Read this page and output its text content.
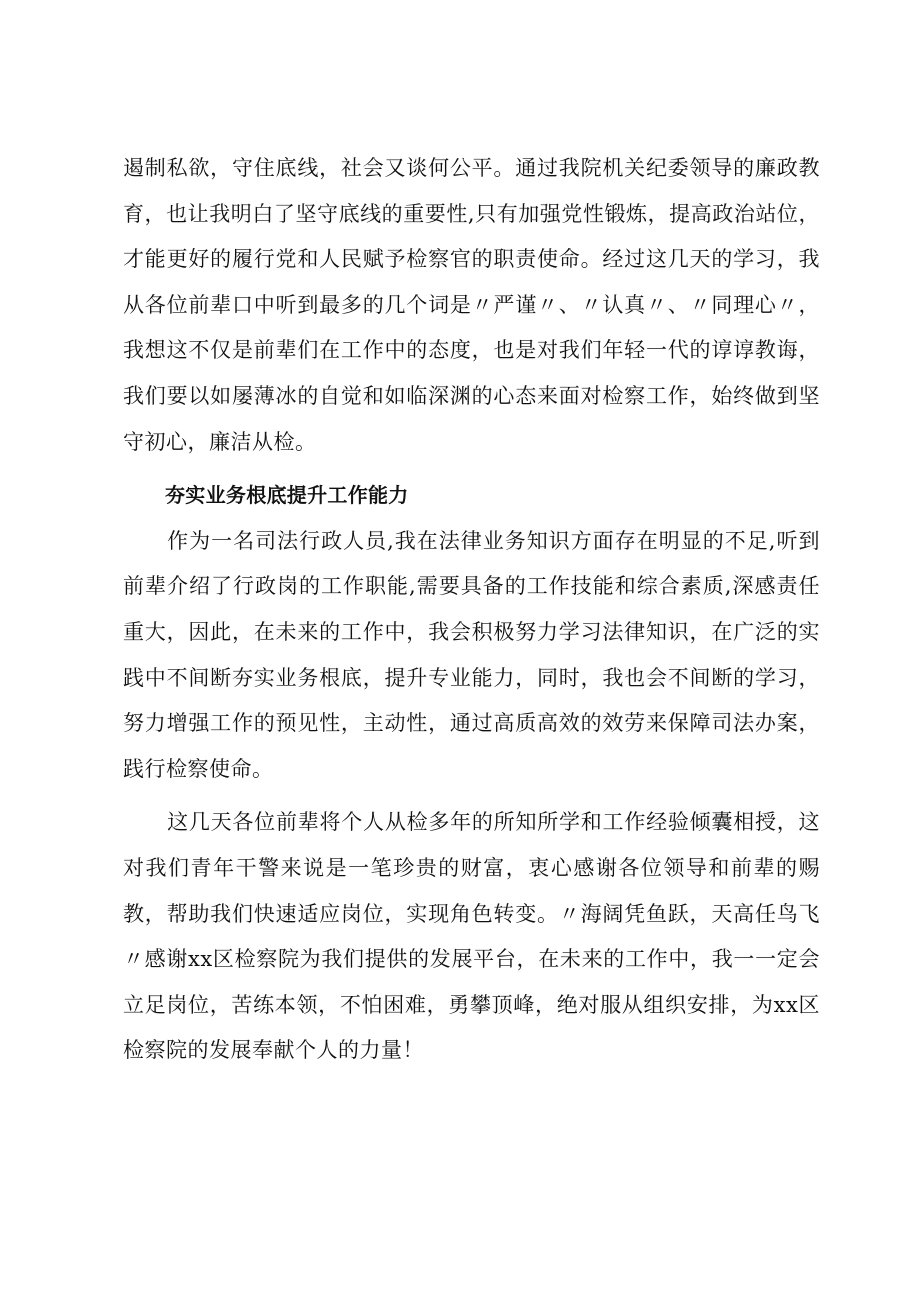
遏制私欲，守住底线，社会又谈何公平。通过我院机关纪委领导的廉政教育，也让我明白了坚守底线的重要性,只有加强党性锻炼，提高政治站位，才能更好的履行党和人民赋予检察官的职责使命。经过这几天的学习，我从各位前辈口中听到最多的几个词是〃严谨〃、〃认真〃、〃同理心〃，我想这不仅是前辈们在工作中的态度，也是对我们年轻一代的谆谆教诲，我们要以如屡薄冰的自觉和如临深渊的心态来面对检察工作，始终做到坚守初心，廉洁从检。

夯实业务根底提升工作能力

作为一名司法行政人员,我在法律业务知识方面存在明显的不足,听到前辈介绍了行政岗的工作职能,需要具备的工作技能和综合素质,深感责任重大，因此，在未来的工作中，我会积极努力学习法律知识，在广泛的实践中不间断夯实业务根底，提升专业能力，同时，我也会不间断的学习，努力增强工作的预见性，主动性，通过高质高效的效劳来保障司法办案，践行检察使命。

这几天各位前辈将个人从检多年的所知所学和工作经验倾囊相授，这对我们青年干警来说是一笔珍贵的财富，衷心感谢各位领导和前辈的赐教，帮助我们快速适应岗位，实现角色转变。〃海阔凭鱼跃，天高任鸟飞〃感谢xx区检察院为我们提供的发展平台，在未来的工作中，我一一定会立足岗位，苦练本领，不怕困难，勇攀顶峰，绝对服从组织安排，为xx区检察院的发展奉献个人的力量！
